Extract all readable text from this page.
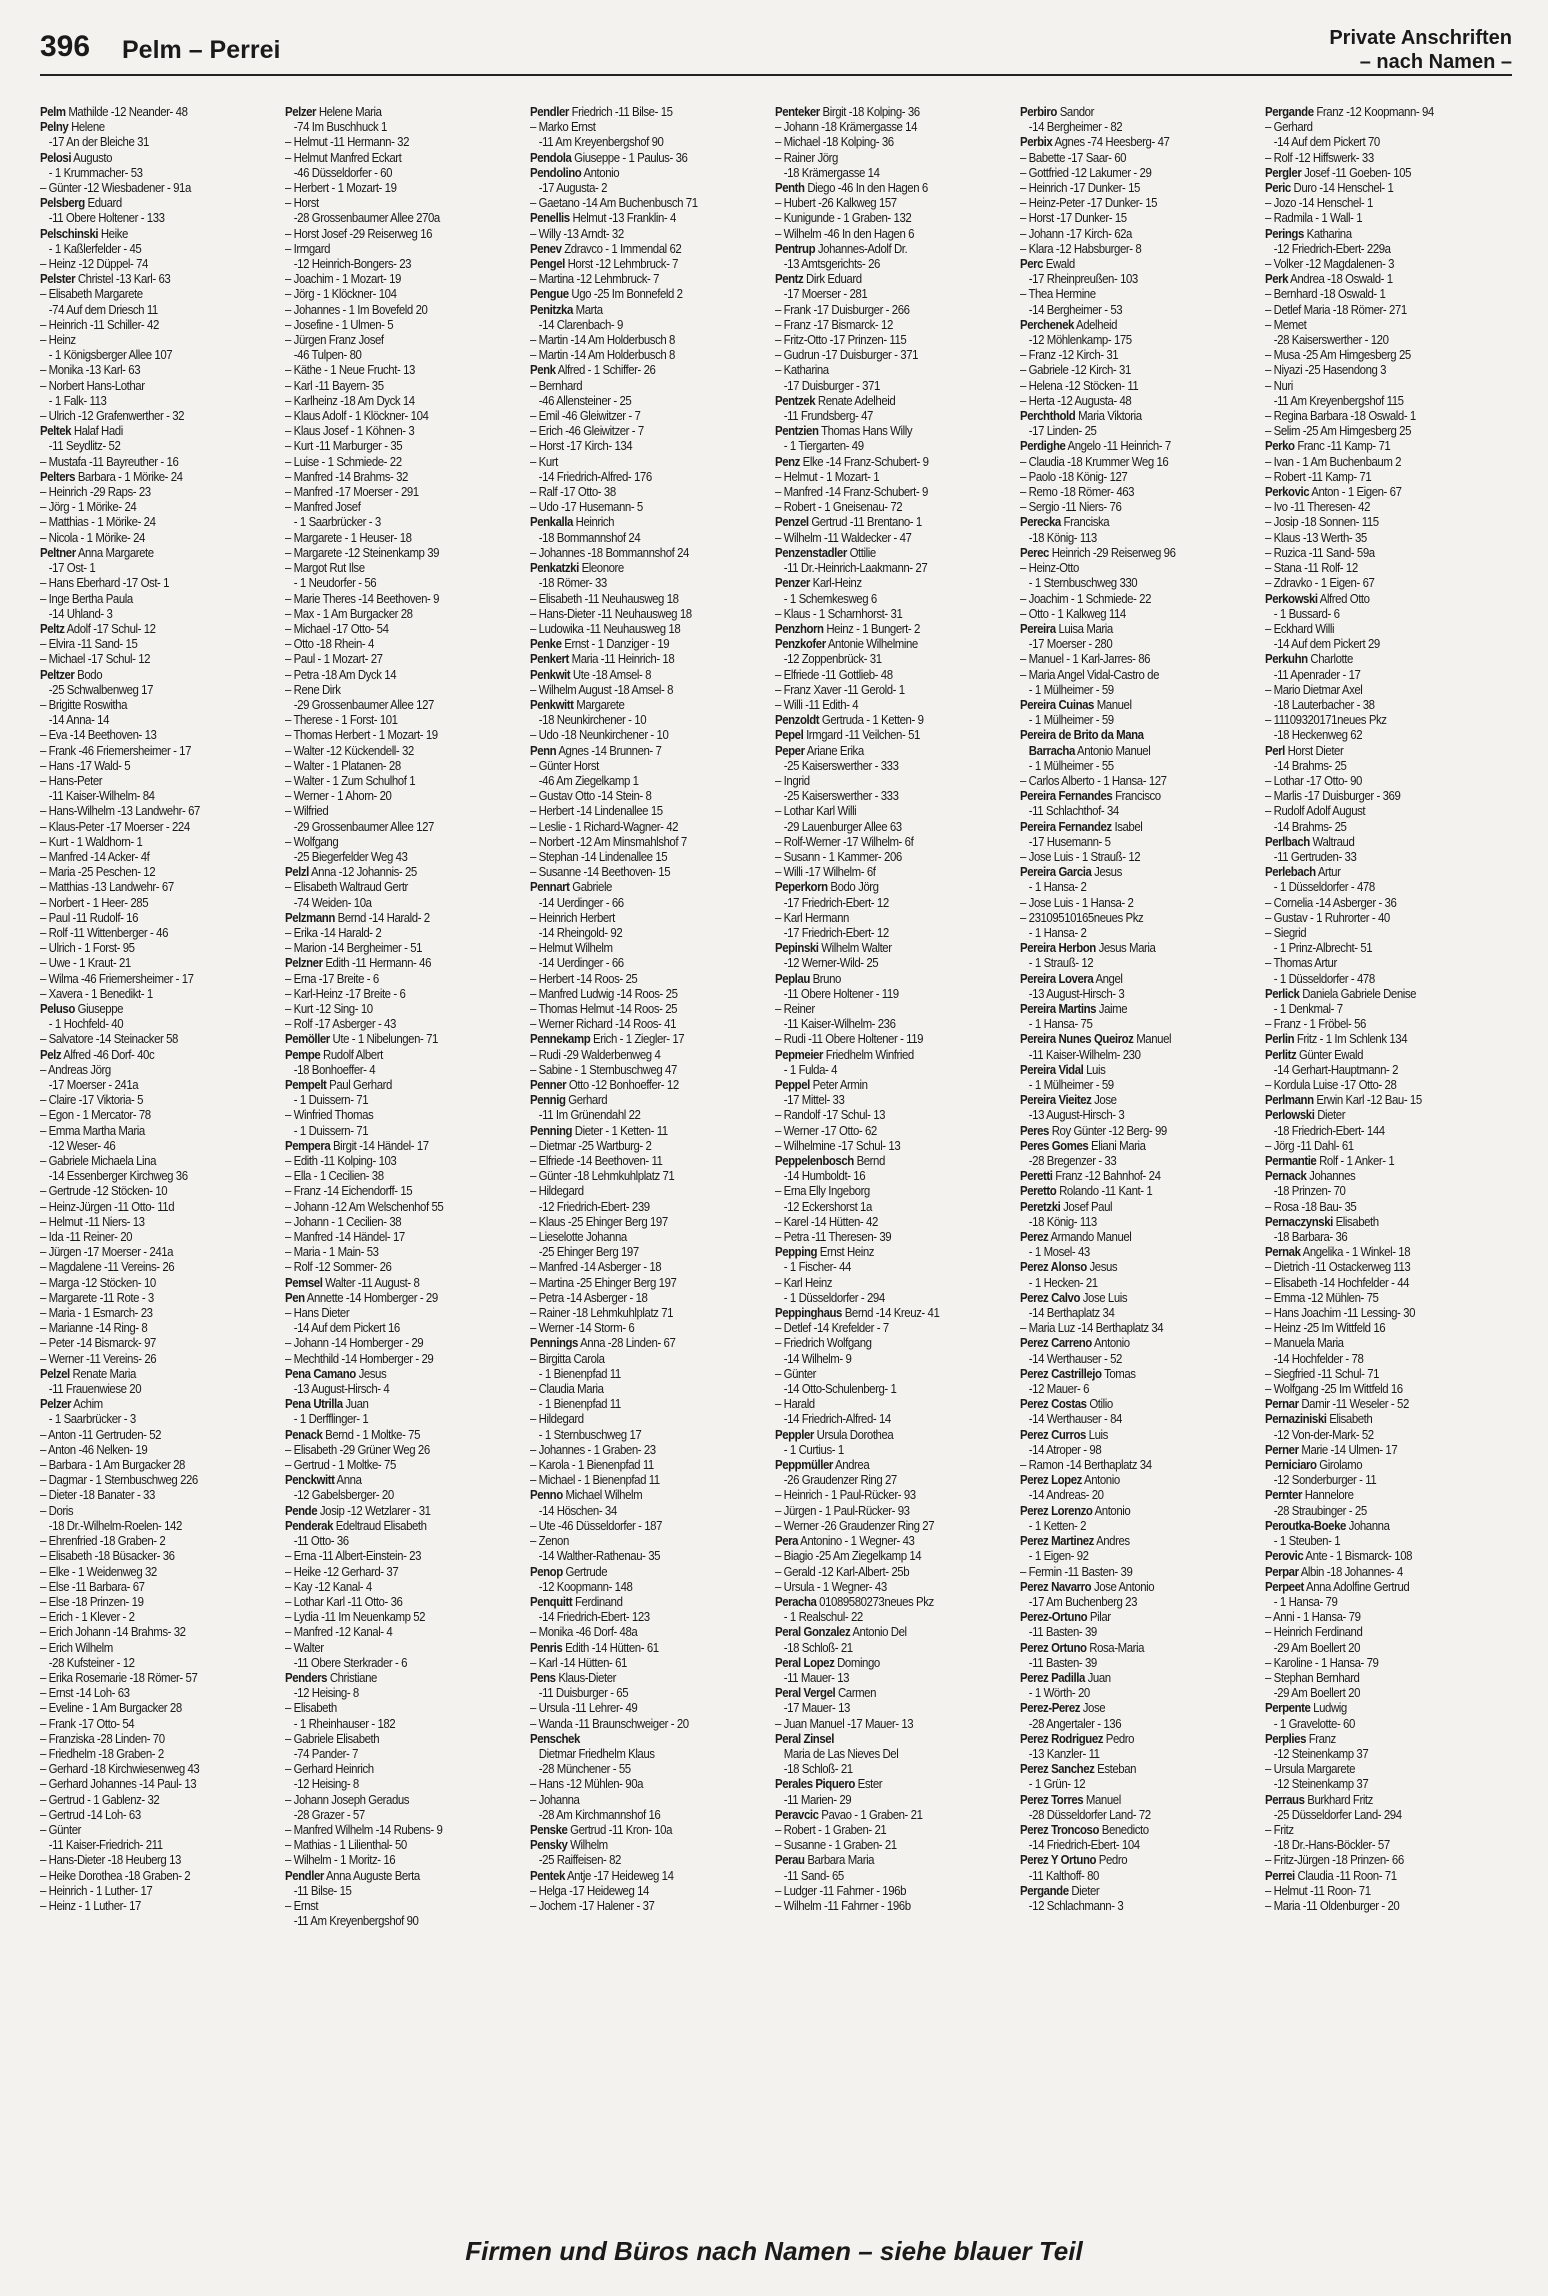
396 Pelm – Perrei	Private Anschriften
– nach Namen –
Pelm Mathilde -12 Neander- 48
Pelny Helene
-17 An der Bleiche 31
Pelosi Augusto
- 1 Krummacher- 53
– Günter -12 Wiesbadener - 91a
Pelsberg Eduard
-11 Obere Holtener - 133
Pelschinski Heike
- 1 Kaßlerfelder - 45
– Heinz -12 Düppel- 74
Pelster Christel -13 Karl- 63
– Elisabeth Margarete
-74 Auf dem Driesch 11
– Heinrich -11 Schiller- 42
– Heinz
- 1 Königsberger Allee 107
– Monika -13 Karl- 63
– Norbert Hans-Lothar
- 1 Falk- 113
– Ulrich -12 Grafenwerther - 32
Peltek Halaf Hadi
-11 Seydlitz- 52
– Mustafa -11 Bayreuther - 16
Pelters Barbara - 1 Mörike- 24
– Heinrich -29 Raps- 23
– Jörg - 1 Mörike- 24
– Matthias - 1 Mörike- 24
– Nicola - 1 Mörike- 24
Peltner Anna Margarete
-17 Ost- 1
– Hans Eberhard -17 Ost- 1
– Inge Bertha Paula
-14 Uhland- 3
Peltz Adolf -17 Schul- 12
– Elvira -11 Sand- 15
– Michael -17 Schul- 12
Peltzer Bodo
-25 Schwalbenweg 17
– Brigitte Roswitha
-14 Anna- 14
– Eva -14 Beethoven- 13
– Frank -46 Friemersheimer - 17
– Hans -17 Wald- 5
– Hans-Peter
-11 Kaiser-Wilhelm- 84
– Hans-Wilhelm -13 Landwehr- 67
– Klaus-Peter -17 Moerser - 224
– Kurt - 1 Waldhorn- 1
– Manfred -14 Acker- 4f
– Maria -25 Peschen- 12
– Matthias -13 Landwehr- 67
– Norbert - 1 Heer- 285
– Paul -11 Rudolf- 16
– Rolf -11 Wittenberger - 46
– Ulrich - 1 Forst- 95
– Uwe - 1 Kraut- 21
– Wilma -46 Friemersheimer - 17
– Xavera - 1 Benedikt- 1
Peluso Giuseppe
- 1 Hochfeld- 40
– Salvatore -14 Steinacker 58
Pelz Alfred -46 Dorf- 40c
– Andreas Jörg
-17 Moerser - 241a
– Claire -17 Viktoria- 5
– Egon - 1 Mercator- 78
– Emma Martha Maria
-12 Weser- 46
– Gabriele Michaela Lina
-14 Essenberger Kirchweg 36
– Gertrude -12 Stöcken- 10
– Heinz-Jürgen -11 Otto- 11d
– Helmut -11 Niers- 13
– Ida -11 Reiner- 20
– Jürgen -17 Moerser - 241a
– Magdalene -11 Vereins- 26
– Marga -12 Stöcken- 10
– Margarete -11 Rote - 3
– Maria - 1 Esmarch- 23
– Marianne -14 Ring- 8
– Peter -14 Bismarck- 97
– Werner -11 Vereins- 26
Pelzel Renate Maria
-11 Frauenwiese 20
Pelzer Achim
- 1 Saarbrücker - 3
– Anton -11 Gertruden- 52
– Anton -46 Nelken- 19
– Barbara - 1 Am Burgacker 28
– Dagmar - 1 Sternbuschweg 226
– Dieter -18 Banater - 33
– Doris
-18 Dr.-Wilhelm-Roelen- 142
– Ehrenfried -18 Graben- 2
– Elisabeth -18 Büsacker- 36
– Elke - 1 Weidenweg 32
– Else -11 Barbara- 67
– Else -18 Prinzen- 19
– Erich - 1 Klever - 2
– Erich Johann -14 Brahms- 32
– Erich Wilhelm
-28 Kufsteiner - 12
– Erika Rosemarie -18 Römer- 57
– Ernst -14 Loh- 63
– Eveline - 1 Am Burgacker 28
– Frank -17 Otto- 54
– Franziska -28 Linden- 70
– Friedhelm -18 Graben- 2
– Gerhard -18 Kirchwiesenweg 43
– Gerhard Johannes -14 Paul- 13
– Gertrud - 1 Gablenz- 32
– Gertrud -14 Loh- 63
– Günter
-11 Kaiser-Friedrich- 211
– Hans-Dieter -18 Heuberg 13
– Heike Dorothea -18 Graben- 2
– Heinrich - 1 Luther- 17
– Heinz - 1 Luther- 17
Pelzer Helene Maria
-74 Im Buschhuck 1
– Helmut -11 Hermann- 32
– Helmut Manfred Eckart
-46 Düsseldorfer - 60
– Herbert - 1 Mozart- 19
– Horst
-28 Grossenbaumer Allee 270a
– Horst Josef -29 Reiserweg 16
– Irmgard
-12 Heinrich-Bongers- 23
– Joachim - 1 Mozart- 19
– Jörg - 1 Klöckner- 104
– Johannes - 1 Im Bovefeld 20
– Josefine - 1 Ulmen- 5
– Jürgen Franz Josef
-46 Tulpen- 80
– Käthe - 1 Neue Frucht- 13
– Karl -11 Bayern- 35
– Karlheinz -18 Am Dyck 14
– Klaus Adolf - 1 Klöckner- 104
– Klaus Josef - 1 Köhnen- 3
– Kurt -11 Marburger - 35
– Luise - 1 Schmiede- 22
– Manfred -14 Brahms- 32
– Manfred -17 Moerser - 291
– Manfred Josef
- 1 Saarbrücker - 3
– Margarete - 1 Heuser- 18
– Margarete -12 Steinenkamp 39
– Margot Rut Ilse
- 1 Neudorfer - 56
– Marie Theres -14 Beethoven- 9
– Max - 1 Am Burgacker 28
– Michael -17 Otto- 54
– Otto -18 Rhein- 4
– Paul - 1 Mozart- 27
– Petra -18 Am Dyck 14
– Rene Dirk
-29 Grossenbaumer Allee 127
– Therese - 1 Forst- 101
– Thomas Herbert - 1 Mozart- 19
– Walter -12 Kückendell- 32
– Walter - 1 Platanen- 28
– Walter - 1 Zum Schulhof 1
– Werner - 1 Ahorn- 20
– Wilfried
-29 Grossenbaumer Allee 127
– Wolfgang
-25 Biegerfelder Weg 43
Pelzl Anna -12 Johannis- 25
– Elisabeth Waltraud Gertr
-74 Weiden- 10a
Pelzmann Bernd -14 Harald- 2
– Erika -14 Harald- 2
– Marion -14 Bergheimer - 51
Pelzner Edith -11 Hermann- 46
– Erna -17 Breite - 6
– Karl-Heinz -17 Breite - 6
– Kurt -12 Sing- 10
– Rolf -17 Asberger - 43
Pemöller Ute - 1 Nibelungen- 71
Pempe Rudolf Albert
-18 Bonhoeffer- 4
Pempelt Paul Gerhard
- 1 Duissern- 71
– Winfried Thomas
- 1 Duissern- 71
Pempera Birgit -14 Händel- 17
– Edith -11 Kolping- 103
– Ella - 1 Cecilien- 38
– Franz -14 Eichendorff- 15
– Johann -12 Am Welschenhof 55
– Johann - 1 Cecilien- 38
– Manfred -14 Händel- 17
– Maria - 1 Main- 53
– Rolf -12 Sommer- 26
Pemsel Walter -11 August- 8
Pen Annette -14 Homberger - 29
– Hans Dieter
-14 Auf dem Pickert 16
– Johann -14 Homberger - 29
– Mechthild -14 Homberger - 29
Pena Camano Jesus
-13 August-Hirsch- 4
Pena Utrilla Juan
- 1 Derfflinger- 1
Penack Bernd - 1 Moltke- 75
– Elisabeth -29 Grüner Weg 26
– Gertrud - 1 Moltke- 75
Penckwitt Anna
-12 Gabelsberger- 20
Pende Josip -12 Wetzlarer - 31
Penderak Edeltraud Elisabeth
-11 Otto- 36
– Erna -11 Albert-Einstein- 23
– Heike -12 Gerhard- 37
– Kay -12 Kanal- 4
– Lothar Karl -11 Otto- 36
– Lydia -11 Im Neuenkamp 52
– Manfred -12 Kanal- 4
– Walter
-11 Obere Sterkrader - 6
Penders Christiane
-12 Heising- 8
– Elisabeth
- 1 Rheinhauser - 182
– Gabriele Elisabeth
-74 Pander- 7
– Gerhard Heinrich
-12 Heising- 8
– Johann Joseph Geradus
-28 Grazer - 57
– Manfred Wilhelm -14 Rubens- 9
– Mathias - 1 Lilienthal- 50
– Wilhelm - 1 Moritz- 16
Pendler Anna Auguste Berta
-11 Bilse- 15
– Ernst
-11 Am Kreyenbergshof 90
Pendler Friedrich -11 Bilse- 15
– Marko Ernst
-11 Am Kreyenbergshof 90
Pendola Giuseppe - 1 Paulus- 36
Pendolino Antonio
-17 Augusta- 2
– Gaetano -14 Am Buchenbusch 71
Penellis Helmut -13 Franklin- 4
– Willy -13 Arndt- 32
Penev Zdravco - 1 Immendal 62
Pengel Horst -12 Lehmbruck- 7
– Martina -12 Lehmbruck- 7
Pengue Ugo -25 Im Bonnefeld 2
Penitzka Marta
-14 Clarenbach- 9
– Martin -14 Am Holderbusch 8
– Martin -14 Am Holderbusch 8
Penk Alfred - 1 Schiffer- 26
– Bernhard
-46 Allensteiner - 25
– Emil -46 Gleiwitzer - 7
– Erich -46 Gleiwitzer - 7
– Horst -17 Kirch- 134
– Kurt
-14 Friedrich-Alfred- 176
– Ralf -17 Otto- 38
– Udo -17 Husemann- 5
Penkalla Heinrich
-18 Bommannshof 24
– Johannes -18 Bommannshof 24
Penkatzki Eleonore
-18 Römer- 33
– Elisabeth -11 Neuhausweg 18
– Hans-Dieter -11 Neuhausweg 18
– Ludowika -11 Neuhausweg 18
Penke Ernst - 1 Danziger - 19
Penkert Maria -11 Heinrich- 18
Penkwit Ute -18 Amsel- 8
– Wilhelm August -18 Amsel- 8
Penkwitt Margarete
-18 Neunkirchener - 10
– Udo -18 Neunkirchener - 10
Penn Agnes -14 Brunnen- 7
– Günter Horst
-46 Am Ziegelkamp 1
– Gustav Otto -14 Stein- 8
– Herbert -14 Lindenallee 15
– Leslie - 1 Richard-Wagner- 42
– Norbert -12 Am Minsmahlshof 7
– Stephan -14 Lindenallee 15
– Susanne -14 Beethoven- 15
Pennart Gabriele
-14 Uerdinger - 66
– Heinrich Herbert
-14 Rheingold- 92
– Helmut Wilhelm
-14 Uerdinger - 66
– Herbert -14 Roos- 25
– Manfred Ludwig -14 Roos- 25
– Thomas Helmut -14 Roos- 25
– Werner Richard -14 Roos- 41
Pennekamp Erich - 1 Ziegler- 17
– Rudi -29 Walderbenweg 4
– Sabine - 1 Sternbuschweg 47
Penner Otto -12 Bonhoeffer- 12
Pennig Gerhard
-11 Im Grünendahl 22
Penning Dieter - 1 Ketten- 11
– Dietmar -25 Wartburg- 2
– Elfriede -14 Beethoven- 11
– Günter -18 Lehmkuhlplatz 71
– Hildegard
-12 Friedrich-Ebert- 239
– Klaus -25 Ehinger Berg 197
– Lieselotte Johanna
-25 Ehinger Berg 197
– Manfred -14 Asberger - 18
– Martina -25 Ehinger Berg 197
– Petra -14 Asberger - 18
– Rainer -18 Lehmkuhlplatz 71
– Werner -14 Storm- 6
Pennings Anna -28 Linden- 67
– Birgitta Carola
- 1 Bienenpfad 11
– Claudia Maria
- 1 Bienenpfad 11
– Hildegard
- 1 Sternbuschweg 17
– Johannes - 1 Graben- 23
– Karola - 1 Bienenpfad 11
– Michael - 1 Bienenpfad 11
Penno Michael Wilhelm
-14 Höschen- 34
– Ute -46 Düsseldorfer - 187
– Zenon
-14 Walther-Rathenau- 35
Penop Gertrude
-12 Koopmann- 148
Penquitt Ferdinand
-14 Friedrich-Ebert- 123
– Monika -46 Dorf- 48a
Penris Edith -14 Hütten- 61
– Karl -14 Hütten- 61
Pens Klaus-Dieter
-11 Duisburger - 65
– Ursula -11 Lehrer- 49
– Wanda -11 Braunschweiger - 20
Penschek
Dietmar Friedhelm Klaus
-28 Münchener - 55
– Hans -12 Mühlen- 90a
– Johanna
-28 Am Kirchmannshof 16
Penske Gertrud -11 Kron- 10a
Pensky Wilhelm
-25 Raiffeisen- 82
Pentek Antje -17 Heideweg 14
– Helga -17 Heideweg 14
– Jochem -17 Halener - 37
Penteker Birgit -18 Kolping- 36
– Johann -18 Krämergasse 14
– Michael -18 Kolping- 36
– Rainer Jörg
-18 Krämergasse 14
Penth Diego -46 In den Hagen 6
– Hubert -26 Kalkweg 157
– Kunigunde - 1 Graben- 132
– Wilhelm -46 In den Hagen 6
Pentrup Johannes-Adolf Dr.
-13 Amtsgerichts- 26
Pentz Dirk Eduard
-17 Moerser - 281
– Frank -17 Duisburger - 266
– Franz -17 Bismarck- 12
– Fritz-Otto -17 Prinzen- 115
– Gudrun -17 Duisburger - 371
– Katharina
-17 Duisburger - 371
Pentzek Renate Adelheid
-11 Frundsberg- 47
Pentzien Thomas Hans Willy
- 1 Tiergarten- 49
Penz Elke -14 Franz-Schubert- 9
– Helmut - 1 Mozart- 1
– Manfred -14 Franz-Schubert- 9
– Robert - 1 Gneisenau- 72
Penzel Gertrud -11 Brentano- 1
– Wilhelm -11 Waldecker - 47
Penzenstadler Ottilie
-11 Dr.-Heinrich-Laakmann- 27
Penzer Karl-Heinz
- 1 Schemkesweg 6
– Klaus - 1 Scharnhorst- 31
Penzhorn Heinz - 1 Bungert- 2
Penzkofer Antonie Wilhelmine
-12 Zoppenbrück- 31
– Elfriede -11 Gottlieb- 48
– Franz Xaver -11 Gerold- 1
– Willi -11 Edith- 4
Penzoldt Gertruda - 1 Ketten- 9
Pepel Irmgard -11 Veilchen- 51
Peper Ariane Erika
-25 Kaiserswerther - 333
– Ingrid
-25 Kaiserswerther - 333
– Lothar Karl Willi
-29 Lauenburger Allee 63
– Rolf-Werner -17 Wilhelm- 6f
– Susann - 1 Kammer- 206
– Willi -17 Wilhelm- 6f
Peperkorn Bodo Jörg
-17 Friedrich-Ebert- 12
– Karl Hermann
-17 Friedrich-Ebert- 12
Pepinski Wilhelm Walter
-12 Werner-Wild- 25
Peplau Bruno
-11 Obere Holtener - 119
– Reiner
-11 Kaiser-Wilhelm- 236
– Rudi -11 Obere Holtener - 119
Pepmeier Friedhelm Winfried
- 1 Fulda- 4
Peppel Peter Armin
-17 Mittel- 33
– Randolf -17 Schul- 13
– Werner -17 Otto- 62
– Wilhelmine -17 Schul- 13
Peppelenbosch Bernd
-14 Humboldt- 16
– Erna Elly Ingeborg
-12 Eckershorst 1a
– Karel -14 Hütten- 42
– Petra -11 Theresen- 39
Pepping Ernst Heinz
- 1 Fischer- 44
– Karl Heinz
- 1 Düsseldorfer - 294
Peppinghaus Bernd -14 Kreuz- 41
– Detlef -14 Krefelder - 7
– Friedrich Wolfgang
-14 Wilhelm- 9
– Günter
-14 Otto-Schulenberg- 1
– Harald
-14 Friedrich-Alfred- 14
Peppler Ursula Dorothea
- 1 Curtius- 1
Peppmüller Andrea
-26 Graudenzer Ring 27
– Heinrich - 1 Paul-Rücker- 93
– Jürgen - 1 Paul-Rücker- 93
– Werner -26 Graudenzer Ring 27
Pera Antonino - 1 Wegner- 43
– Biagio -25 Am Ziegelkamp 14
– Gerald -12 Karl-Albert- 25b
– Ursula - 1 Wegner- 43
Peracha 01089580273neues Pkz
- 1 Realschul- 22
Peral Gonzalez Antonio Del
-18 Schloß- 21
Peral Lopez Domingo
-11 Mauer- 13
Peral Vergel Carmen
-17 Mauer- 13
– Juan Manuel -17 Mauer- 13
Peral Zinsel
Maria de Las Nieves Del
-18 Schloß- 21
Perales Piquero Ester
-11 Marien- 29
Peravcic Pavao - 1 Graben- 21
– Robert - 1 Graben- 21
– Susanne - 1 Graben- 21
Perau Barbara Maria
-11 Sand- 65
– Ludger -11 Fahrner - 196b
– Wilhelm -11 Fahrner - 196b
Perbiro Sandor
-14 Bergheimer - 82
Perbix Agnes -74 Heesberg- 47
– Babette -17 Saar- 60
– Gottfried -12 Lakumer - 29
– Heinrich -17 Dunker- 15
– Heinz-Peter -17 Dunker- 15
– Horst -17 Dunker- 15
– Johann -17 Kirch- 62a
– Klara -12 Habsburger- 8
Perc Ewald
-17 Rheinpreußen- 103
– Thea Hermine
-14 Bergheimer - 53
Perchenek Adelheid
-12 Möhlenkamp- 175
– Franz -12 Kirch- 31
– Gabriele -12 Kirch- 31
– Helena -12 Stöcken- 11
– Herta -12 Augusta- 48
Perchthold Maria Viktoria
-17 Linden- 25
Perdighe Angelo -11 Heinrich- 7
– Claudia -18 Krummer Weg 16
– Paolo -18 König- 127
– Remo -18 Römer- 463
– Sergio -11 Niers- 76
Perecka Franciska
-18 König- 113
Perec Heinrich -29 Reiserweg 96
– Heinz-Otto
- 1 Sternbuschweg 330
– Joachim - 1 Schmiede- 22
– Otto - 1 Kalkweg 114
Pereira Luisa Maria
-17 Moerser - 280
– Manuel - 1 Karl-Jarres- 86
– Maria Angel Vidal-Castro de
- 1 Mülheimer - 59
Pereira Cuinas Manuel
- 1 Mülheimer - 59
Pereira de Brito da Mana
Barracha Antonio Manuel
- 1 Mülheimer - 55
– Carlos Alberto - 1 Hansa- 127
Pereira Fernandes Francisco
-11 Schlachthof- 34
Pereira Fernandez Isabel
-17 Husemann- 5
– Jose Luis - 1 Strauß- 12
Pereira Garcia Jesus
- 1 Hansa- 2
– Jose Luis - 1 Hansa- 2
– 23109510165neues Pkz
- 1 Hansa- 2
Pereira Herbon Jesus Maria
- 1 Strauß- 12
Pereira Lovera Angel
-13 August-Hirsch- 3
Pereira Martins Jaime
- 1 Hansa- 75
Pereira Nunes Queiroz Manuel
-11 Kaiser-Wilhelm- 230
Pereira Vidal Luis
- 1 Mülheimer - 59
Pereira Vieitez Jose
-13 August-Hirsch- 3
Peres Roy Günter -12 Berg- 99
Peres Gomes Eliani Maria
-28 Bregenzer - 33
Peretti Franz -12 Bahnhof- 24
Peretto Rolando -11 Kant- 1
Peretzki Josef Paul
-18 König- 113
Perez Armando Manuel
- 1 Mosel- 43
Perez Alonso Jesus
- 1 Hecken- 21
Perez Calvo Jose Luis
-14 Berthaplatz 34
– Maria Luz -14 Berthaplatz 34
Perez Carreno Antonio
-14 Werthauser - 52
Perez Castrillejo Tomas
-12 Mauer- 6
Perez Costas Otilio
-14 Werthauser - 84
Perez Curros Luis
-14 Atroper - 98
– Ramon -14 Berthaplatz 34
Perez Lopez Antonio
-14 Andreas- 20
Perez Lorenzo Antonio
- 1 Ketten- 2
Perez Martinez Andres
- 1 Eigen- 92
– Fermin -11 Basten- 39
Perez Navarro Jose Antonio
-17 Am Buchenberg 23
Perez-Ortuno Pilar
-11 Basten- 39
Perez Ortuno Rosa-Maria
-11 Basten- 39
Perez Padilla Juan
- 1 Wörth- 20
Perez-Perez Jose
-28 Angertaler - 136
Perez Rodriguez Pedro
-13 Kanzler- 11
Perez Sanchez Esteban
- 1 Grün- 12
Perez Torres Manuel
-28 Düsseldorfer Land- 72
Perez Troncoso Benedicto
-14 Friedrich-Ebert- 104
Perez Y Ortuno Pedro
-11 Kalthoff- 80
Pergande Dieter
-12 Schlachmann- 3
Pergande Franz -12 Koopmann- 94
– Gerhard
-14 Auf dem Pickert 70
– Rolf -12 Hiffswerk- 33
Pergler Josef -11 Goeben- 105
Peric Duro -14 Henschel- 1
– Jozo -14 Henschel- 1
– Radmila - 1 Wall- 1
Perings Katharina
-12 Friedrich-Ebert- 229a
– Volker -12 Magdalenen- 3
Perk Andrea -18 Oswald- 1
– Bernhard -18 Oswald- 1
– Detlef Maria -18 Römer- 271
– Memet
-28 Kaiserswerther - 120
– Musa -25 Am Himgesberg 25
– Niyazi -25 Hasendong 3
– Nuri
-11 Am Kreyenbergshof 115
– Regina Barbara -18 Oswald- 1
– Selim -25 Am Himgesberg 25
Perko Franc -11 Kamp- 71
– Ivan - 1 Am Buchenbaum 2
– Robert -11 Kamp- 71
Perkovic Anton - 1 Eigen- 67
– Ivo -11 Theresen- 42
– Josip -18 Sonnen- 115
– Klaus -13 Werth- 35
– Ruzica -11 Sand- 59a
– Stana -11 Rolf- 12
– Zdravko - 1 Eigen- 67
Perkowski Alfred Otto
- 1 Bussard- 6
– Eckhard Willi
-14 Auf dem Pickert 29
Perkuhn Charlotte
-11 Apenrader - 17
– Mario Dietmar Axel
-18 Lauterbacher - 38
– 11109320171neues Pkz
-18 Heckenweg 62
Perl Horst Dieter
-14 Brahms- 25
– Lothar -17 Otto- 90
– Marlis -17 Duisburger - 369
– Rudolf Adolf August
-14 Brahms- 25
Perlbach Waltraud
-11 Gertruden- 33
Perlebach Artur
- 1 Düsseldorfer - 478
– Cornelia -14 Asberger - 36
– Gustav - 1 Ruhrorter - 40
– Siegrid
- 1 Prinz-Albrecht- 51
– Thomas Artur
- 1 Düsseldorfer - 478
Perlick Daniela Gabriele Denise
- 1 Denkmal- 7
– Franz - 1 Fröbel- 56
Perlin Fritz - 1 Im Schlenk 134
Perlitz Günter Ewald
-14 Gerhart-Hauptmann- 2
– Kordula Luise -17 Otto- 28
Perlmann Erwin Karl -12 Bau- 15
Perlowski Dieter
-18 Friedrich-Ebert- 144
– Jörg -11 Dahl- 61
Permantie Rolf - 1 Anker- 1
Pernack Johannes
-18 Prinzen- 70
– Rosa -18 Bau- 35
Pernaczynski Elisabeth
-18 Barbara- 36
Pernak Angelika - 1 Winkel- 18
– Dietrich -11 Ostackerweg 113
– Elisabeth -14 Hochfelder - 44
– Emma -12 Mühlen- 75
– Hans Joachim -11 Lessing- 30
– Heinz -25 Im Wittfeld 16
– Manuela Maria
-14 Hochfelder - 78
– Siegfried -11 Schul- 71
– Wolfgang -25 Im Wittfeld 16
Pernar Damir -11 Weseler - 52
Pernaziniski Elisabeth
-12 Von-der-Mark- 52
Perner Marie -14 Ulmen- 17
Perniciaro Girolamo
-12 Sonderburger - 11
Pernter Hannelore
-28 Straubinger - 25
Peroutka-Boeke Johanna
- 1 Steuben- 1
Perovic Ante - 1 Bismarck- 108
Perpar Albin -18 Johannes- 4
Perpeet Anna Adolfine Gertrud
- 1 Hansa- 79
– Anni - 1 Hansa- 79
– Heinrich Ferdinand
-29 Am Boellert 20
– Karoline - 1 Hansa- 79
– Stephan Bernhard
-29 Am Boellert 20
Perpente Ludwig
- 1 Gravelotte- 60
Perplies Franz
-12 Steinenkamp 37
– Ursula Margarete
-12 Steinenkamp 37
Perraus Burkhard Fritz
-25 Düsseldorfer Land- 294
– Fritz
-18 Dr.-Hans-Böckler- 57
– Fritz-Jürgen -18 Prinzen- 66
Perrei Claudia -11 Roon- 71
– Helmut -11 Roon- 71
– Maria -11 Oldenburger - 20
Firmen und Büros nach Namen – siehe blauer Teil
